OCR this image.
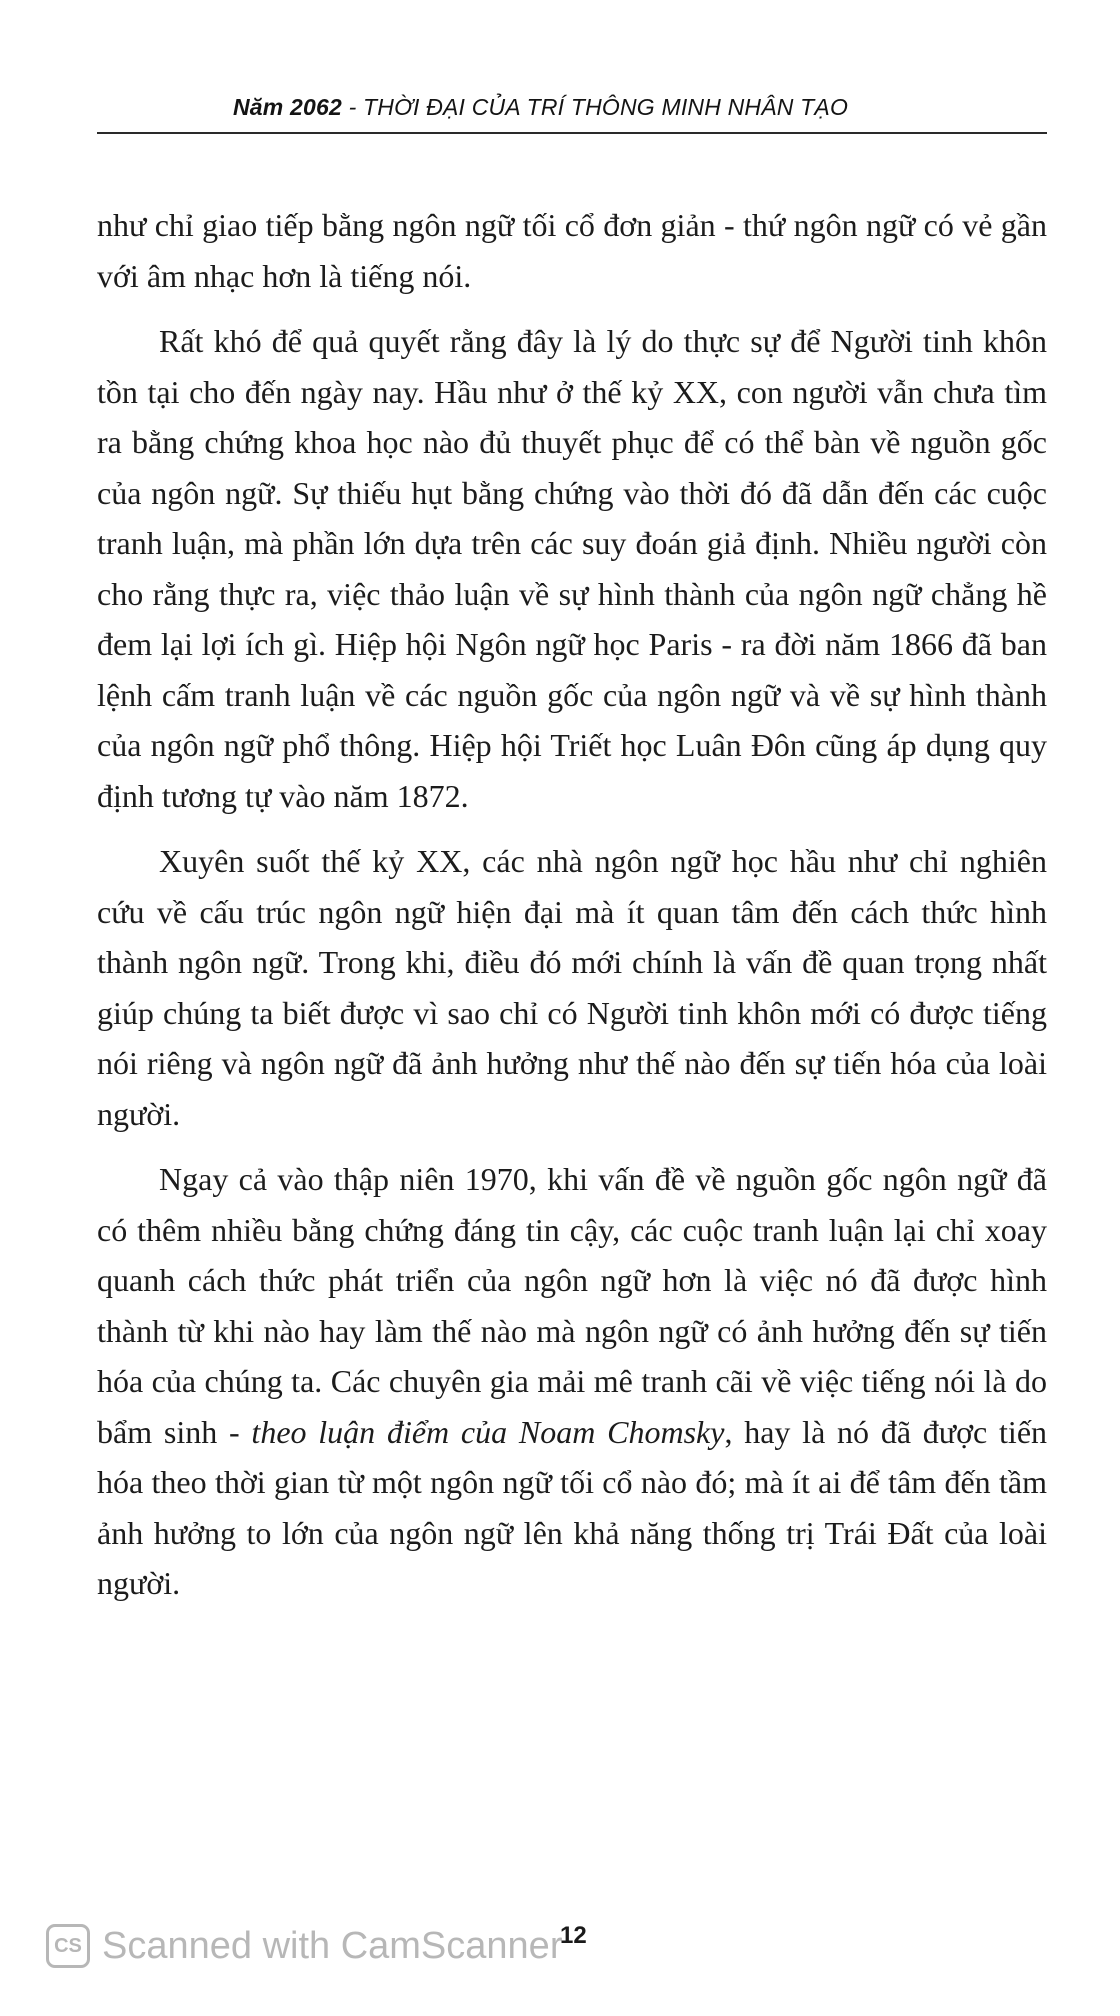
Năm 2062 - THỜI ĐẠI CỦA TRÍ THÔNG MINH NHÂN TẠO

như chỉ giao tiếp bằng ngôn ngữ tối cổ đơn giản - thứ ngôn ngữ có vẻ gần với âm nhạc hơn là tiếng nói.

Rất khó để quả quyết rằng đây là lý do thực sự để Người tinh khôn tồn tại cho đến ngày nay. Hầu như ở thế kỷ XX, con người vẫn chưa tìm ra bằng chứng khoa học nào đủ thuyết phục để có thể bàn về nguồn gốc của ngôn ngữ. Sự thiếu hụt bằng chứng vào thời đó đã dẫn đến các cuộc tranh luận, mà phần lớn dựa trên các suy đoán giả định. Nhiều người còn cho rằng thực ra, việc thảo luận về sự hình thành của ngôn ngữ chẳng hề đem lại lợi ích gì. Hiệp hội Ngôn ngữ học Paris - ra đời năm 1866 đã ban lệnh cấm tranh luận về các nguồn gốc của ngôn ngữ và về sự hình thành của ngôn ngữ phổ thông. Hiệp hội Triết học Luân Đôn cũng áp dụng quy định tương tự vào năm 1872.

Xuyên suốt thế kỷ XX, các nhà ngôn ngữ học hầu như chỉ nghiên cứu về cấu trúc ngôn ngữ hiện đại mà ít quan tâm đến cách thức hình thành ngôn ngữ. Trong khi, điều đó mới chính là vấn đề quan trọng nhất giúp chúng ta biết được vì sao chỉ có Người tinh khôn mới có được tiếng nói riêng và ngôn ngữ đã ảnh hưởng như thế nào đến sự tiến hóa của loài người.

Ngay cả vào thập niên 1970, khi vấn đề về nguồn gốc ngôn ngữ đã có thêm nhiều bằng chứng đáng tin cậy, các cuộc tranh luận lại chỉ xoay quanh cách thức phát triển của ngôn ngữ hơn là việc nó đã được hình thành từ khi nào hay làm thế nào mà ngôn ngữ có ảnh hưởng đến sự tiến hóa của chúng ta. Các chuyên gia mải mê tranh cãi về việc tiếng nói là do bẩm sinh - theo luận điểm của Noam Chomsky, hay là nó đã được tiến hóa theo thời gian từ một ngôn ngữ tối cổ nào đó; mà ít ai để tâm đến tầm ảnh hưởng to lớn của ngôn ngữ lên khả năng thống trị Trái Đất của loài người.

CS Scanned with CamScanner
12
